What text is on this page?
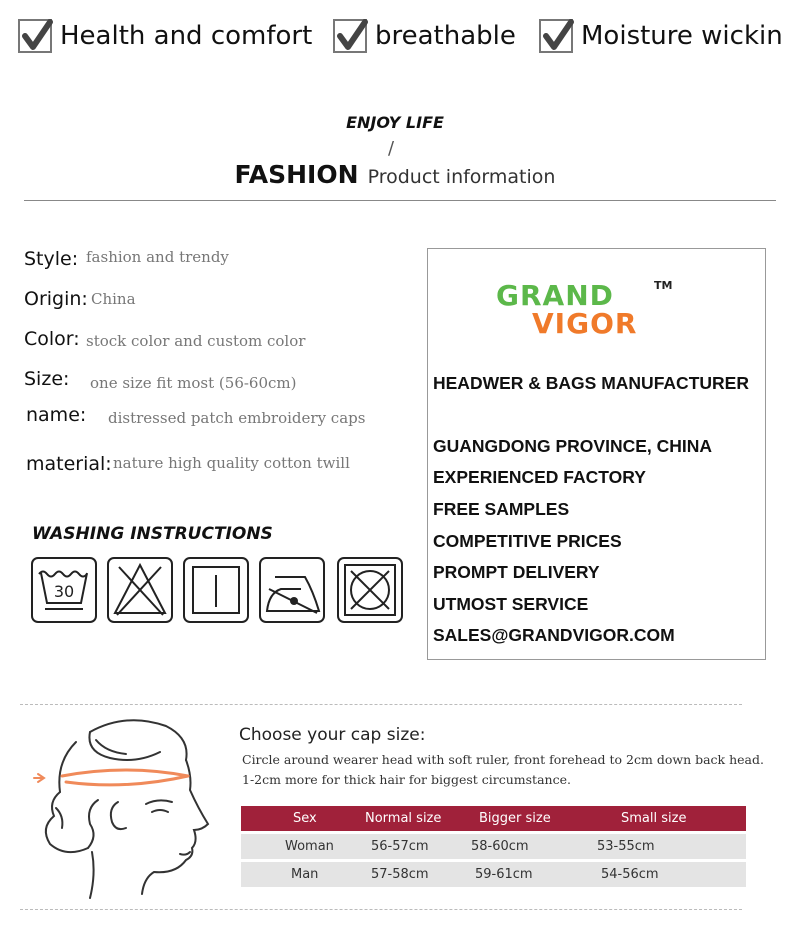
Health and comfort breathable	Moisture wickin
ENJOY LIFE
/
FASHION Product information
Style: fashion and trendy
Origin: China
Color: stock color and custom color
Size: one size fit most (56-60cm)
name: distressed patch embroidery caps
material: nature high quality cotton twill
WASHING INSTRUCTIONS
30
GRAND	TM
VIGOR
HEADWER & BAGS MANUFACTURER
GUANGDONG PROVINCE, CHINA
EXPERIENCED FACTORY
FREE SAMPLES
COMPETITIVE PRICES
PROMPT DELIVERY
UTMOST SERVICE
SALES@GRANDVIGOR.COM
Choose your cap size:
Circle around wearer head with soft ruler, front forehead to 2cm down back head.
1-2cm more for thick hair for biggest circumstance.
Sex	Normal size	Bigger size	Small size
Woman	56-57cm	58-60cm	53-55cm
Man	57-58cm	59-61cm	54-56cm
